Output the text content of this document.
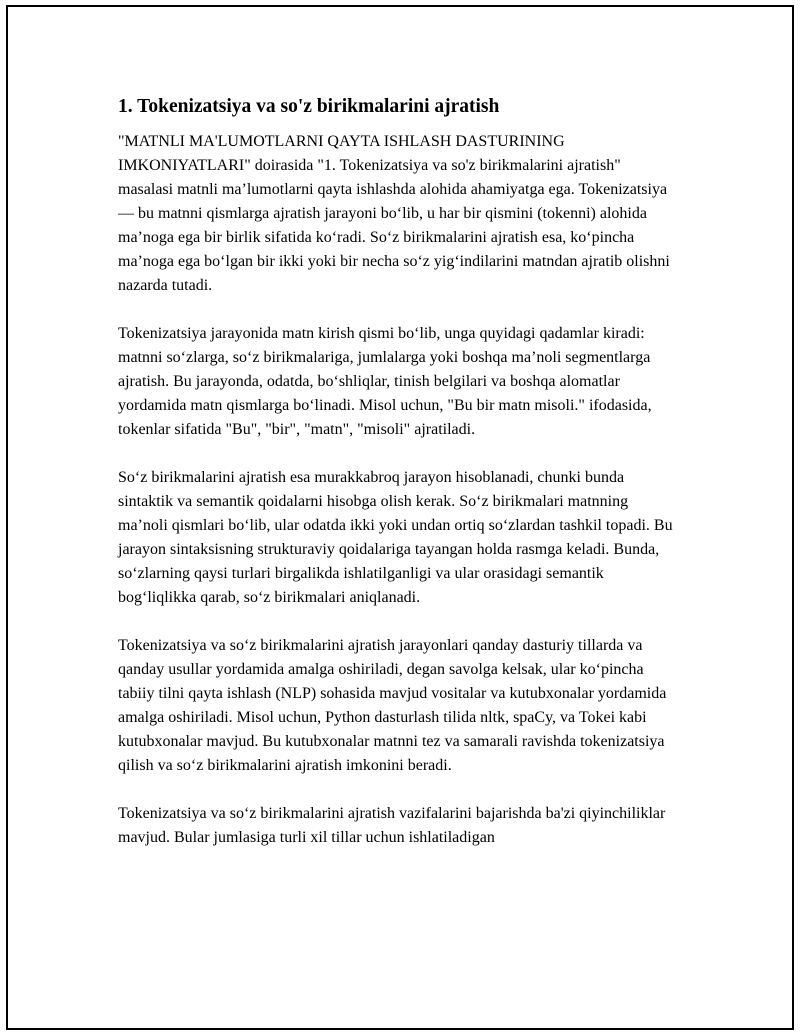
1. Tokenizatsiya va so'z birikmalarini ajratish

"MATNLI MA'LUMOTLARNI QAYTA ISHLASH DASTURINING IMKONIYATLARI" doirasida "1. Tokenizatsiya va so'z birikmalarini ajratish" masalasi matnli ma’lumotlarni qayta ishlashda alohida ahamiyatga ega. Tokenizatsiya — bu matnni qismlarga ajratish jarayoni bo‘lib, u har bir qismini (tokenni) alohida ma’noga ega bir birlik sifatida ko‘radi. So‘z birikmalarini ajratish esa, ko‘pincha ma’noga ega bo‘lgan bir ikki yoki bir necha so‘z yig‘indilarini matndan ajratib olishni nazarda tutadi.

Tokenizatsiya jarayonida matn kirish qismi bo‘lib, unga quyidagi qadamlar kiradi: matnni so‘zlarga, so‘z birikmalariga, jumlalarga yoki boshqa ma’noli segmentlarga ajratish. Bu jarayonda, odatda, bo‘shliqlar, tinish belgilari va boshqa alomatlar yordamida matn qismlarga bo‘linadi. Misol uchun, "Bu bir matn misoli." ifodasida, tokenlar sifatida "Bu", "bir", "matn", "misoli" ajratiladi.

So‘z birikmalarini ajratish esa murakkabroq jarayon hisoblanadi, chunki bunda sintaktik va semantik qoidalarni hisobga olish kerak. So‘z birikmalari matnning ma’noli qismlari bo‘lib, ular odatda ikki yoki undan ortiq so‘zlardan tashkil topadi. Bu jarayon sintaksisning strukturaviy qoidalariga tayangan holda rasmga keladi. Bunda, so‘zlarning qaysi turlari birgalikda ishlatilganligi va ular orasidagi semantik bog‘liqlikka qarab, so‘z birikmalari aniqlanadi.

Tokenizatsiya va so‘z birikmalarini ajratish jarayonlari qanday dasturiy tillarda va qanday usullar yordamida amalga oshiriladi, degan savolga kelsak, ular ko‘pincha tabiiy tilni qayta ishlash (NLP) sohasida mavjud vositalar va kutubxonalar yordamida amalga oshiriladi. Misol uchun, Python dasturlash tilida nltk, spaCy, va Tokei kabi kutubxonalar mavjud. Bu kutubxonalar matnni tez va samarali ravishda tokenizatsiya qilish va so‘z birikmalarini ajratish imkonini beradi.

Tokenizatsiya va so‘z birikmalarini ajratish vazifalarini bajarishda ba'zi qiyinchiliklar mavjud. Bular jumlasiga turli xil tillar uchun ishlatiladigan
